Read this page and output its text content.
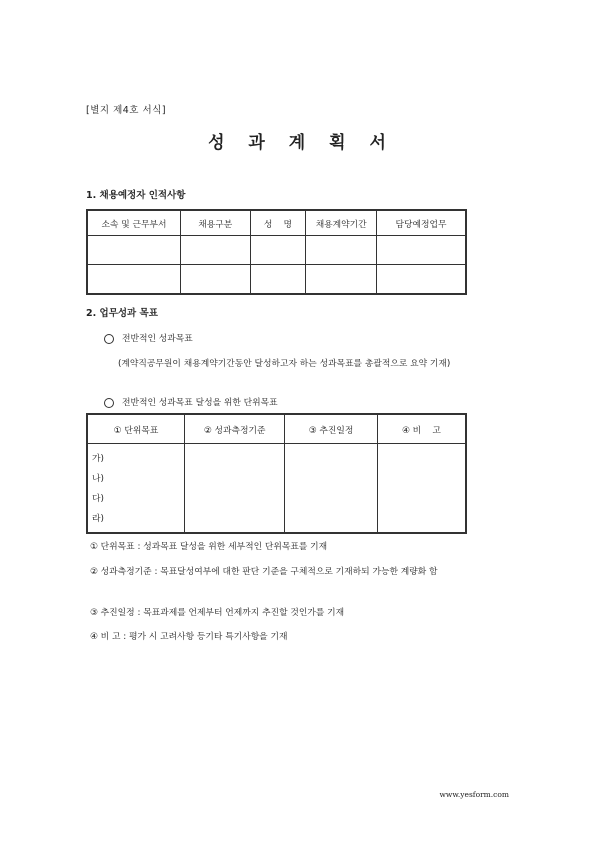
[별지 제4호 서식]
성 과 계 획 서
1. 채용예정자 인적사항
소속 및 근무부서	채용구분	성    명	채용계약기간	담당예정업무

2. 업무성과 목표
전반적인 성과목표
(계약직공무원이 채용계약기간동안 달성하고자 하는 성과목표를 총괄적으로 요약 기재)
전반적인 성과목표 달성을 위한 단위목표
① 단위목표	② 성과측정기준	③ 추진일정	④ 비    고

가)
나)
다)
라)			

① 단위목표 : 성과목표 달성을 위한 세부적인 단위목표를 기재
② 성과측정기준 : 목표달성여부에 대한 판단 기준을 구체적으로 기재하되 가능한 계량화 함
③ 추진일정 : 목표과제를 언제부터 언제까지 추진할 것인가를 기재
④ 비 고 : 평가 시 고려사항 등기타 특기사항을 기재
www.yesform.com
